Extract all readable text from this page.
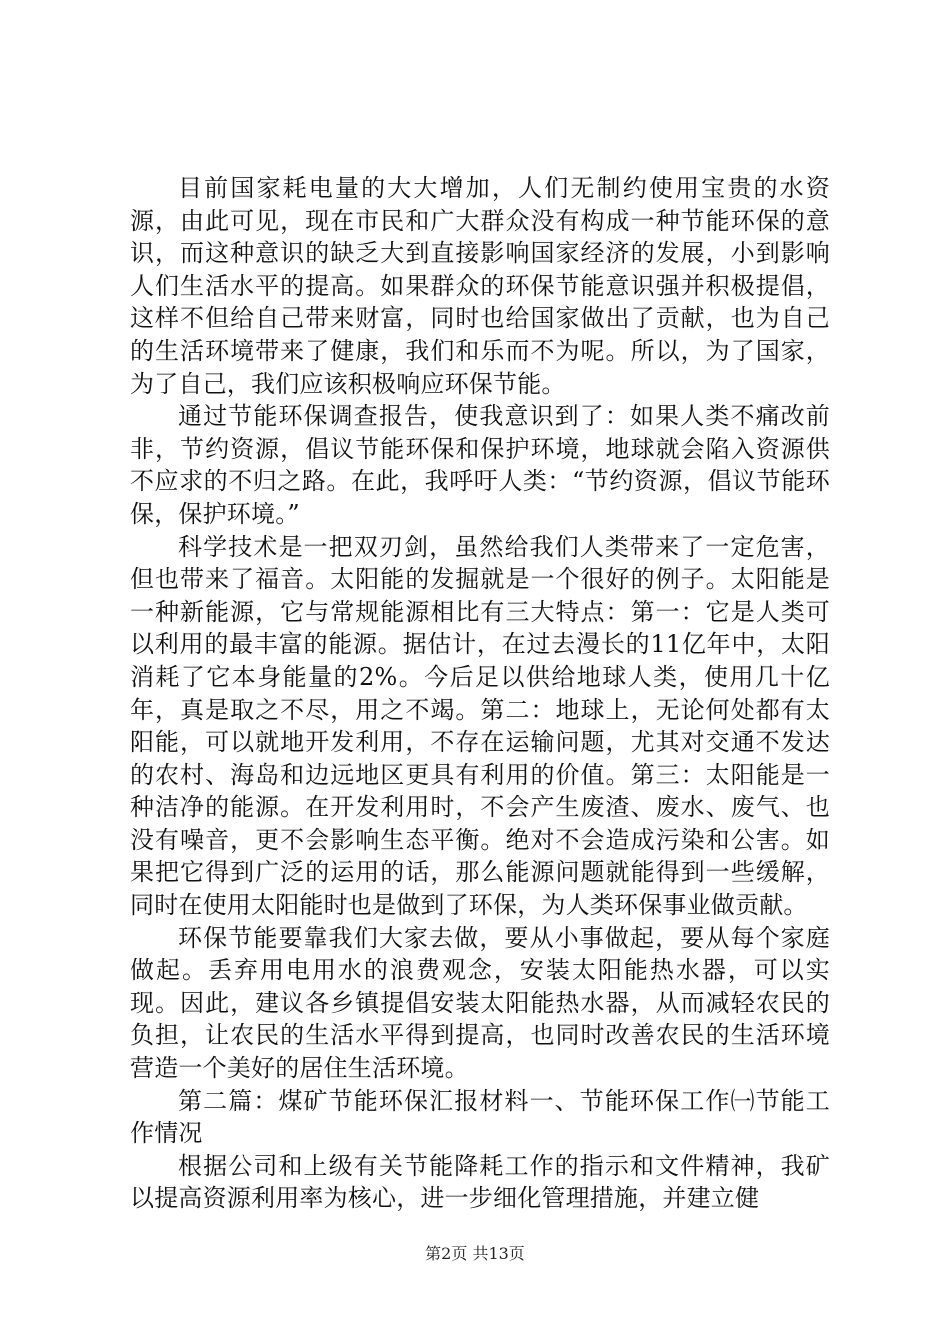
目前国家耗电量的大大增加，人们无制约使用宝贵的水资源，由此可见，现在市民和广大群众没有构成一种节能环保的意识，而这种意识的缺乏大到直接影响国家经济的发展，小到影响人们生活水平的提高。如果群众的环保节能意识强并积极提倡，这样不但给自己带来财富，同时也给国家做出了贡献，也为自己的生活环境带来了健康，我们和乐而不为呢。所以，为了国家，为了自己，我们应该积极响应环保节能。

通过节能环保调查报告，使我意识到了：如果人类不痛改前非，节约资源，倡议节能环保和保护环境，地球就会陷入资源供不应求的不归之路。在此，我呼吁人类：“节约资源，倡议节能环保，保护环境。”

科学技术是一把双刃剑，虽然给我们人类带来了一定危害，但也带来了福音。太阳能的发掘就是一个很好的例子。太阳能是一种新能源，它与常规能源相比有三大特点：第一：它是人类可以利用的最丰富的能源。据估计，在过去漫长的11亿年中，太阳消耗了它本身能量的2%。今后足以供给地球人类，使用几十亿年，真是取之不尽，用之不竭。第二：地球上，无论何处都有太阳能，可以就地开发利用，不存在运输问题，尤其对交通不发达的农村、海岛和边远地区更具有利用的价值。第三：太阳能是一种洁净的能源。在开发利用时，不会产生废渣、废水、废气、也没有噪音，更不会影响生态平衡。绝对不会造成污染和公害。如果把它得到广泛的运用的话，那么能源问题就能得到一些缓解，同时在使用太阳能时也是做到了环保，为人类环保事业做贡献。

环保节能要靠我们大家去做，要从小事做起，要从每个家庭做起。丢弃用电用水的浪费观念，安装太阳能热水器，可以实现。因此，建议各乡镇提倡安装太阳能热水器，从而减轻农民的负担，让农民的生活水平得到提高，也同时改善农民的生活环境营造一个美好的居住生活环境。

第二篇：煤矿节能环保汇报材料一、节能环保工作㈠节能工作情况

根据公司和上级有关节能降耗工作的指示和文件精神，我矿以提高资源利用率为核心，进一步细化管理措施，并建立健

第2页 共13页
